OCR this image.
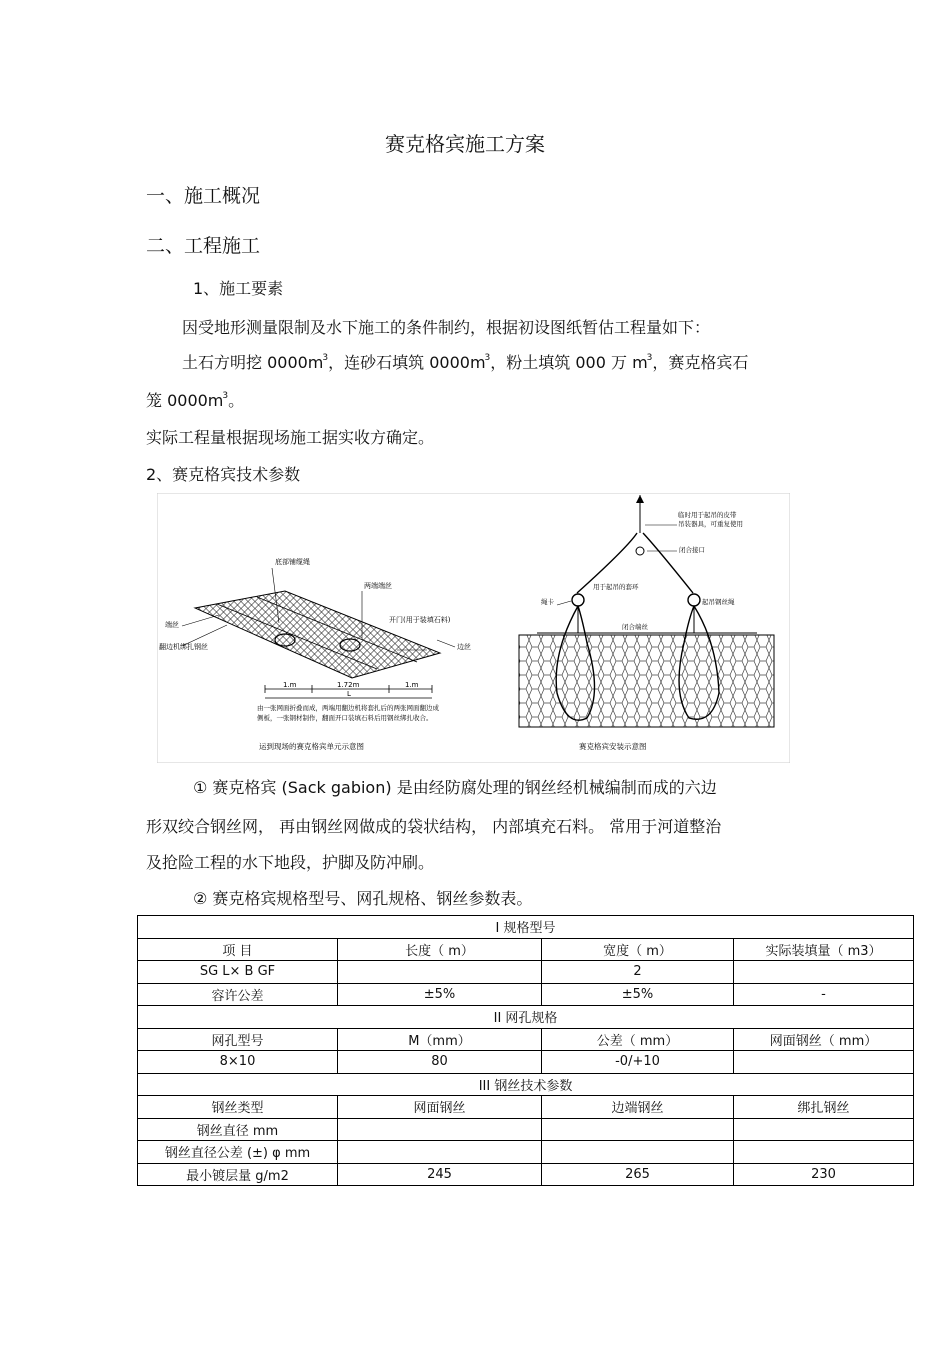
赛克格宾施工方案
一、施工概况
二、工程施工
1、施工要素
因受地形测量限制及水下施工的条件制约，根据初设图纸暂估工程量如下：
土石方明挖 $0000m^3$，连砂石填筑 $0000m^3$，粉土填筑 000 万 $m^3$，赛克格宾石
笼 $0000m^3$。
实际工程量根据现场施工据实收方确定。
2、赛克格宾技术参数
底部铺缆绳
两端端丝
开门(用于装填石料)
端丝
翻边机绑扎钢丝	边丝
1.m	1.72m	1.m
L
由一张网面折叠而成，两端用翻边机将套扎后的两张网面翻边成
侧板，一张钢材制作，翻面开口装填石料后用钢丝绑扎收合。
运到现场的赛克格宾单元示意图
临时用于起吊的皮带
吊装器具，可重复使用
闭合接口
绳卡
用于起吊的套环
闭合端丝
起吊钢丝绳
赛克格宾安装示意图
① 赛克格宾 (Sack gabion) 是由经防腐处理的钢丝经机械编制而成的六边
形双绞合钢丝网， 再由钢丝网做成的袋状结构， 内部填充石料。 常用于河道整治
及抢险工程的水下地段，护脚及防冲刷。
② 赛克格宾规格型号、网孔规格、钢丝参数表。
I 规格型号			
项 目	长度（ m）	宽度（ m）	实际装填量（ m3）
SG L× B GF		2	
容许公差	±5%	±5%	-
II 网孔规格			
网孔型号	M（mm）	公差（ mm）	网面钢丝（ mm）
8×10	80	-0/+10	
III 钢丝技术参数			
钢丝类型	网面钢丝	边端钢丝	绑扎钢丝
钢丝直径 mm			
钢丝直径公差 (±) φ mm			
最小镀层量 g/m2	245	265	230
